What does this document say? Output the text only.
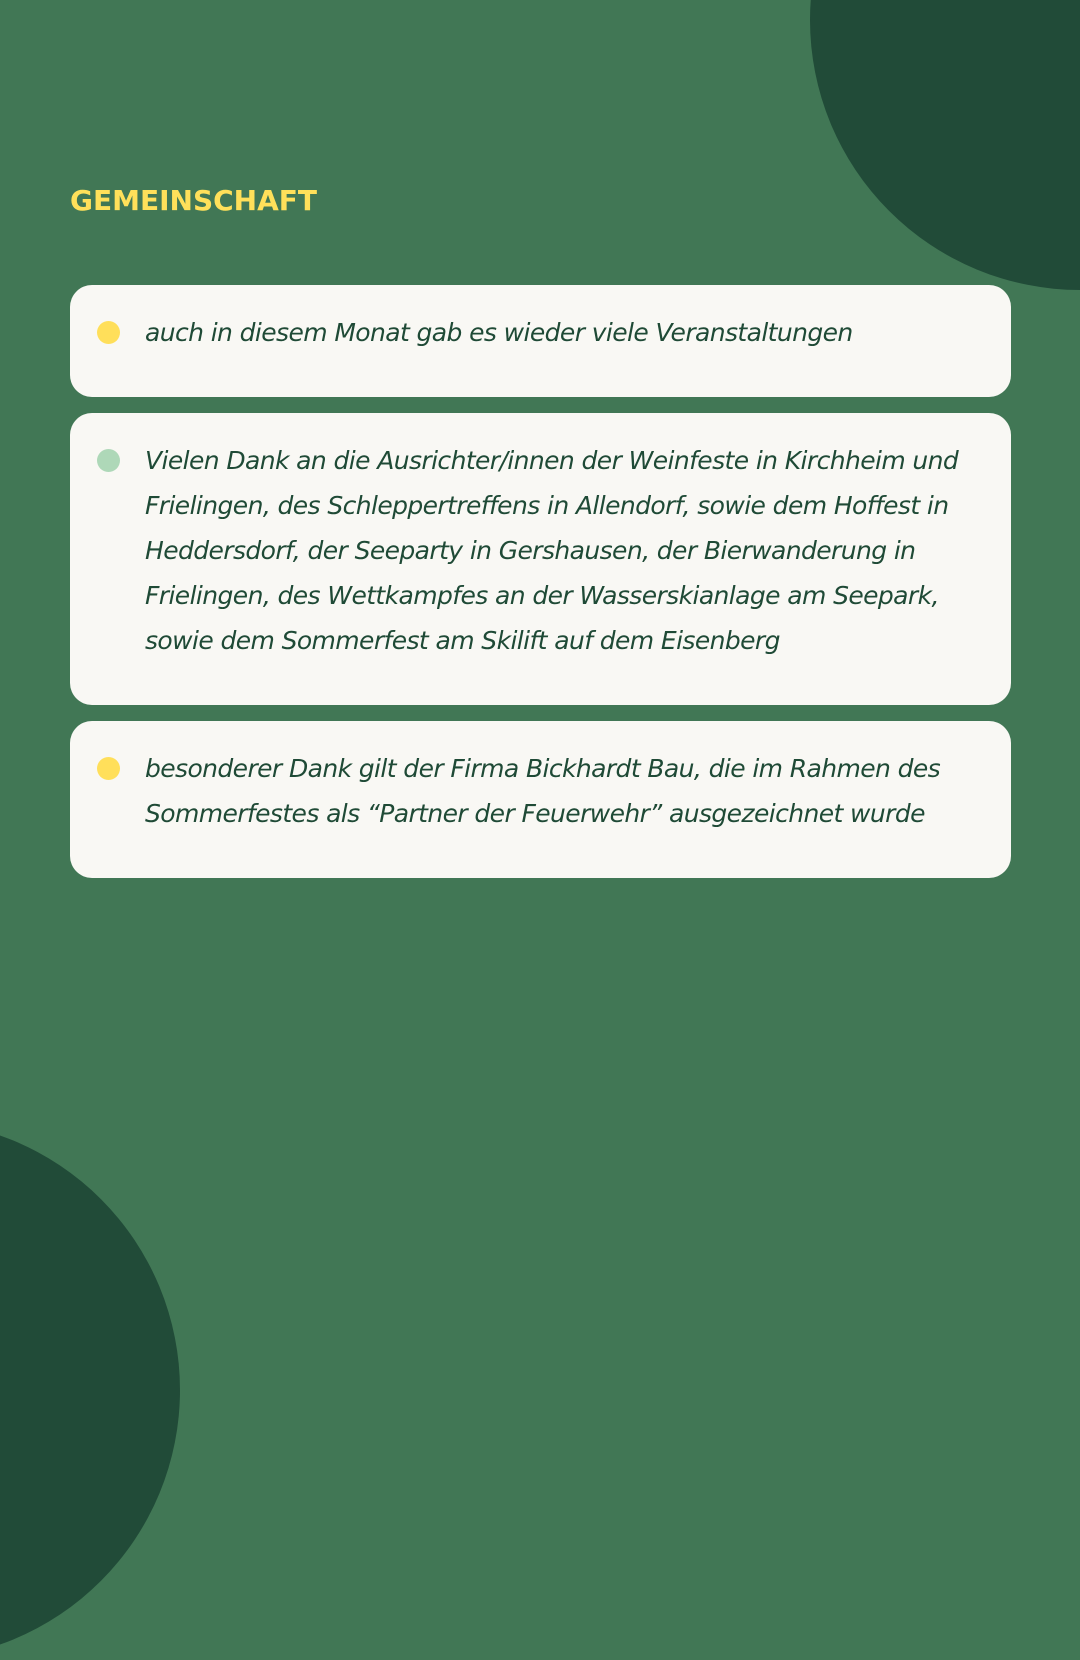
GEMEINSCHAFT

auch in diesem Monat gab es wieder viele Veranstaltungen

Vielen Dank an die Ausrichter/innen der Weinfeste in Kirchheim und Frielingen, des Schleppertreffens in Allendorf, sowie dem Hoffest in Heddersdorf, der Seeparty in Gershausen, der Bierwanderung in Frielingen, des Wettkampfes an der Wasserskianlage am Seepark, sowie dem Sommerfest am Skilift auf dem Eisenberg

besonderer Dank gilt der Firma Bickhardt Bau, die im Rahmen des Sommerfestes als “Partner der Feuerwehr” ausgezeichnet wurde
